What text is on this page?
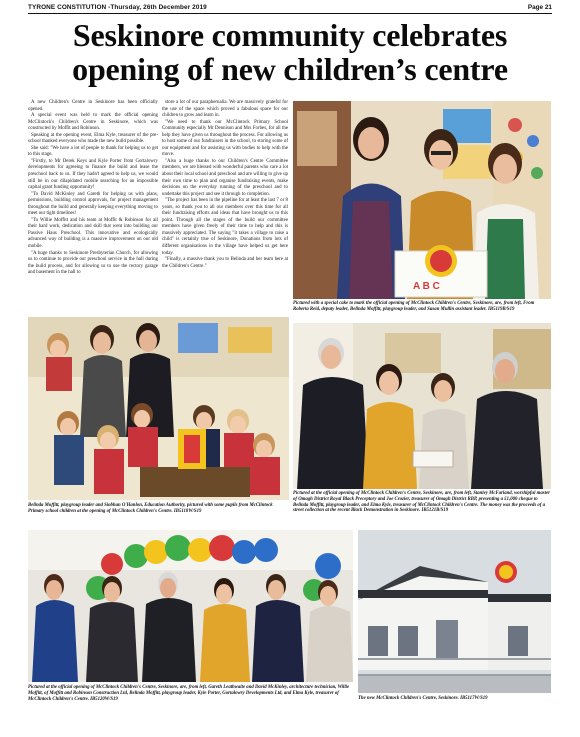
TYRONE CONSTITUTION -Thursday, 26th December 2019	Page 21
Seskinore community celebrates
opening of new children’s centre

A new Children's Centre in Seskinore has been officially opened.

A special event was held to mark the official opening McClintock's Children's Centre in Seskinore, which was constructed by Moffit and Robinson.

Speaking at the opening event, Elma Kyle, treasurer of the pre-school thanked everyone who made the new build possible.

She said: "We have a lot of people to thank for helping us to get to this stage.

"Firstly, to Mr Derek Keys and Kyle Porter from Gortalowry developments for agreeing to finance the build and lease the preschool back to us. If they hadn't agreed to help us, we would still be in our dilapidated mobile searching for an impossible capital grant funding opportunity!

"To David McKinley and Gareth for helping us with plans, permissions, building control approvals, for project management throughout the build and generally keeping everything moving to meet our tight timelines!

"To Willie Moffitt and his team at Moffit & Robinson for all their hard work, dedication and skill that went into building our Passive Haus Preschool. This innovative and ecologically advanced way of building is a massive improvement on our old mobile.

"A huge thanks to Seskinore Presbyterian Church, for allowing us to continue to provide our preschool service in the hall during the build process, and for allowing us to use the rectory garage and basement in the hall to

store a lot of our paraphernalia. We are massively grateful for the use of the space which proved a fabulous space for our children to grow and learn in.

"We need to thank our McClintock Primary School Community especially Mr Dennison and Mrs Forbes, for all the help they have given us throughout the process. For allowing us to host some of our fundraisers in the school, to storing some of our equipment and for assisting us with bodies to help with the move.

"Also a huge thanks to our Children's Centre Committee members, we are blessed with wonderful parents who care a lot about their local school and preschool and are willing to give up their own time to plan and organise fundraising events, make decisions on the everyday running of the preschool and to undertake this project and see it through to completion.

"The project has been in the pipeline for at least the last 7 or 8 years, so thank you to all our members over this time for all their fundraising efforts and ideas that have brought us to this point. Through all the stages of the build our committee members have given freely of their time to help and this is massively appreciated. The saying "it takes a village to raise a child" is certainly true of Seskinore, Donations from lots of different organisations in the village have helped us get here today.

"Finally, a massive thank you to Belinda and her team here at the Children's Centre."

A B C
Pictured with a special cake to mark the official opening of McClintock Children's Centre, Seskinore, are, from left, From Roberta Reid, deputy leader, Belinda Moffitt, playgroup leader, and Susan Mullin assistant leader. IB5119B/S19
Belinda Moffitt, playgroup leader and Siobhan O'Hanlon, Education Authority, pictured with some pupils from McClintock Primary school children at the opening of McClintock Children's Centre. IB5118W/S19
Pictured at the official opening of McClintock Children's Centre, Seskinore, are, from left, Stanley McFarland, worshipful master of Omagh District Royal Black Preceptory and Joe Crozier, treasurer of Omagh District RBP, presenting a £1,000 cheque to Belinda Moffitt, playgroup leader, and Elma Kyle, treasurer of McClintock Children's Centre. The money was the proceeds of a street collection at the recent Black Demonstration in Seskinore. IB5121B/S19
Pictured at the official opening of McClintock Children's Centre, Seskinore, are, from left, Gareth Leathwaite and David McKinley, architecture technician, Willie Moffitt, of Moffitt and Robinson Construction Ltd, Belinda Moffitt, playgroup leader, Kyle Porter, Gortalowry Developments Ltd, and Elma Kyle, treasurer of McClintock Children's Centre. IB5120W/S19	The new McClintock Children's Centre, Seskinore. IB5117W/S19
